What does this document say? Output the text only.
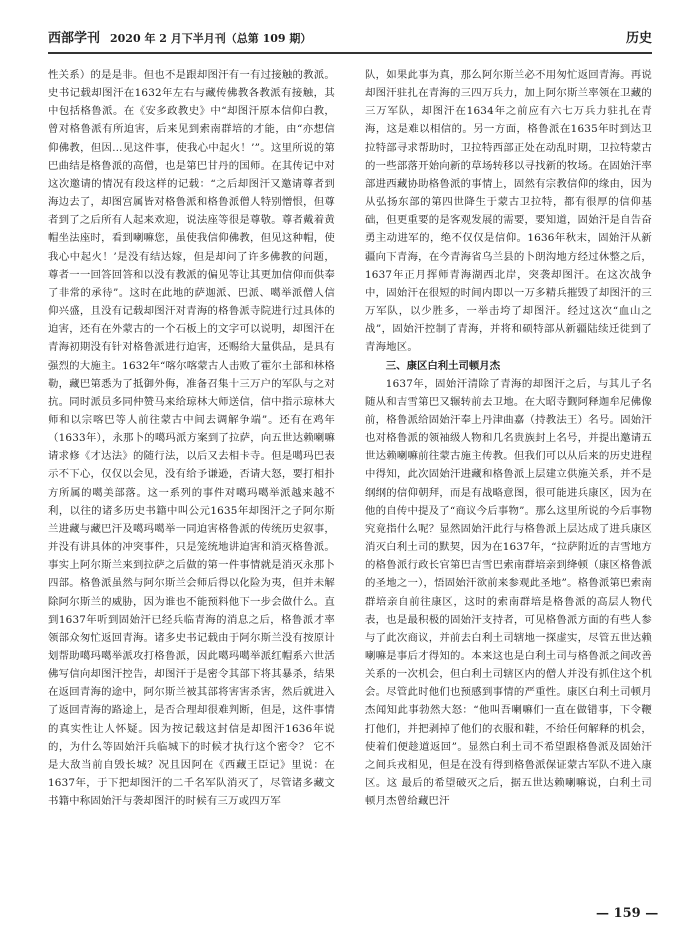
西部学刊 2020 年 2 月下半月刊（总第 109 期）	历史

性关系）的是是非。但也不是跟却图汗有一有过接触的教派。史书记载却图汗在1632年左右与藏传佛教各教派有接触，其中包括格鲁派。在《安多政教史》中“却图汗原本信仰白教，曾对格鲁派有所迫害，后来见到索南群培的才能，由“亦想信仰佛教，但因…见这件事，使我心中起火！’”。这里所说的第巴曲结是格鲁派的高僧，也是第巴甘丹的国师。在其传记中对这次邀请的情况有段这样的记载：“之后却图汗又邀请尊者到海边去了，却图宫属皆对格鲁派和格鲁派僧人特别憎恨，但尊者到了之后所有人起来欢迎，说法座等很是尊敬。尊者戴着黄帽坐法座时，看到喇嘛您，虽使我信仰佛教，但见这种帽，使我心中起火！’是没有结达嫁，但是却问了许多佛教的问题，尊者一一回答回答和以没有教派的偏见等让其更加信仰而供奉了非常的承待”。这时在此地的萨迦派、巴派、噶举派僧人信仰兴盛，且没有记载却图汗对青海的格鲁派寺院进行过具体的迫害，还有在外蒙古的一个石板上的文字可以说明，却图汗在青海初期没有针对格鲁派进行迫害，还赐给大量供品，是具有强烈的大施主。1632年“喀尔喀蒙古人击败了霍尔土部和林格勒，藏巴第悉为了抵御外侮，准备召集十三万户的军队与之对抗。同时派员多同仲赞马来给琼林大师送信，信中指示琼林大师和以宗喀巴等人前往蒙古中间去调解争端”。还有在鸡年（1633年），永那卜的噶玛派方案到了拉萨，向五世达赖喇嘛请求修《才达法》的随行法，以后又去相卡寺。但是噶玛巴表示不下心，仅仅以会见，没有给予谦逊，否请大怒，要打相扑方所属的噶美部落。这一系列的事件对噶玛噶举派越来越不利，以往的诸多历史书籍中叫公元1635年却图汗之子阿尔斯兰进藏与藏巴汗及噶玛噶举一同迫害格鲁派的传统历史叙事，并没有讲具体的冲突事件，只是笼统地讲迫害和消灭格鲁派。事实上阿尔斯兰来到拉萨之后做的第一件事情就是消灭永那卜四部。格鲁派虽然与阿尔斯兰会师后得以化险为夷，但并未解除阿尔斯兰的威胁，因为谁也不能预料他下一步会做什么。直到1637年听到固始汗已经兵临青海的消息之后，格鲁派才率领部众匆忙返回青海。诸多史书记载由于阿尔斯兰没有按原计划帮助噶玛噶举派攻打格鲁派，因此噶玛噶举派红帽系六世活佛写信向却图汗控告，却图汗于是密令其部下将其暴杀，结果在返回青海的途中，阿尔斯兰被其部将害害杀害，然后就进入了返回青海的路途上，是否合理却很难判断，但是，这件事情的真实性让人怀疑。因为按记载这封信是却图汗1636年说的，为什么等固始汗兵临城下的时候才执行这个密令？ 它不是大敌当前自毁长城？况且因阿在《西藏王臣记》里说：在1637年，于下把却图汗的二千名军队消灭了，尽管诸多藏文书籍中称固始汗与袭却图汗的时候有三万或四万军

队，如果此事为真，那么阿尔斯兰必不用匆忙返回青海。再说却图汗驻扎在青海的三四万兵力，加上阿尔斯兰率领在卫藏的三万军队，却图汗在1634年之前应有六七万兵力驻扎在青海，这是难以相信的。另一方面，格鲁派在1635年时到达卫拉特部寻求帮助时，卫拉特西部正处在动乱时期，卫拉特蒙古的一些部落开始向新的草场转移以寻找新的牧场。在固始汗率部进西藏协助格鲁派的事情上，固然有宗教信仰的缘由，因为从弘扬东部的第四世降生于蒙古卫拉特，都有很厚的信仰基础，但更重要的是客观发展的需要，要知道，固始汗是自告奋勇主动进军的，绝不仅仅是信仰。1636年秋末，固始汗从新疆向下青海，在今青海省乌兰县的卜朗沟地方经过休整之后，1637年正月挥师青海湖西北岸，突袭却图汗。在这次战争中，固始汗在很短的时间内即以一万多精兵摧毁了却图汗的三万军队，以少胜多，一举击垮了却图汗。经过这次“血山之战”，固始汗控制了青海，并将和硕特部从新疆陆续迁徙到了青海地区。

三、康区白利土司顿月杰

1637年，固始汗清除了青海的却图汗之后，与其儿子名随从和吉雪第巴又辗转前去卫地。在大昭寺觐阿释迦牟尼佛像前，格鲁派给固始汗奉上丹津曲嘉（持教法王）名号。固始汗也对格鲁派的领袖级人物和几名贵族封上名号，并提出邀请五世达赖喇嘛前往蒙古施主传教。但我们可以从后来的历史进程中得知，此次固始汗进藏和格鲁派上层建立供施关系，并不是纲纲的信仰朝拜，而是有战略意图，很可能进兵康区，因为在他的自传中提及了“商议今后事物”。那么这里所说的今后事物究竟指什么呢？显然固始汗此行与格鲁派上层达成了进兵康区消灭白利土司的默契，因为在1637年，“拉萨附近的吉雪地方的格鲁派行政长官第巴吉雪巴索南群培亲到绛顿（康区格鲁派的圣地之一），悟固始汗欲前来参观此圣地”。格鲁派第巴索南群培亲自前往康区，这时的索南群培是格鲁派的高层人物代表，也是最积极的固始汗支持者，可见格鲁派方面的有些人参与了此次商议，并前去白利土司辖地一探虚实，尽管五世达赖喇嘛是事后才得知的。本来这也是白利土司与格鲁派之间改善关系的一次机会，但白利土司辖区内的僧人并没有抓住这个机会。尽管此时他们也预感到事情的严重性。康区白利土司顿月杰闻知此事勃然大怒：“他叫吾喇嘛们一直在做错事，下令鞭打他们，并把剥掉了他们的衣服和鞋，不给任何解释的机会，使着们便趁道返回”。显然白利土司不希望跟格鲁派及固始汗之间兵戎相见，但是在没有得到格鲁派保证蒙古军队不进入康区。这 最后的希望破灭之后，据五世达赖喇嘛说，白利土司顿月杰曾给藏巴汗

— 159 —
